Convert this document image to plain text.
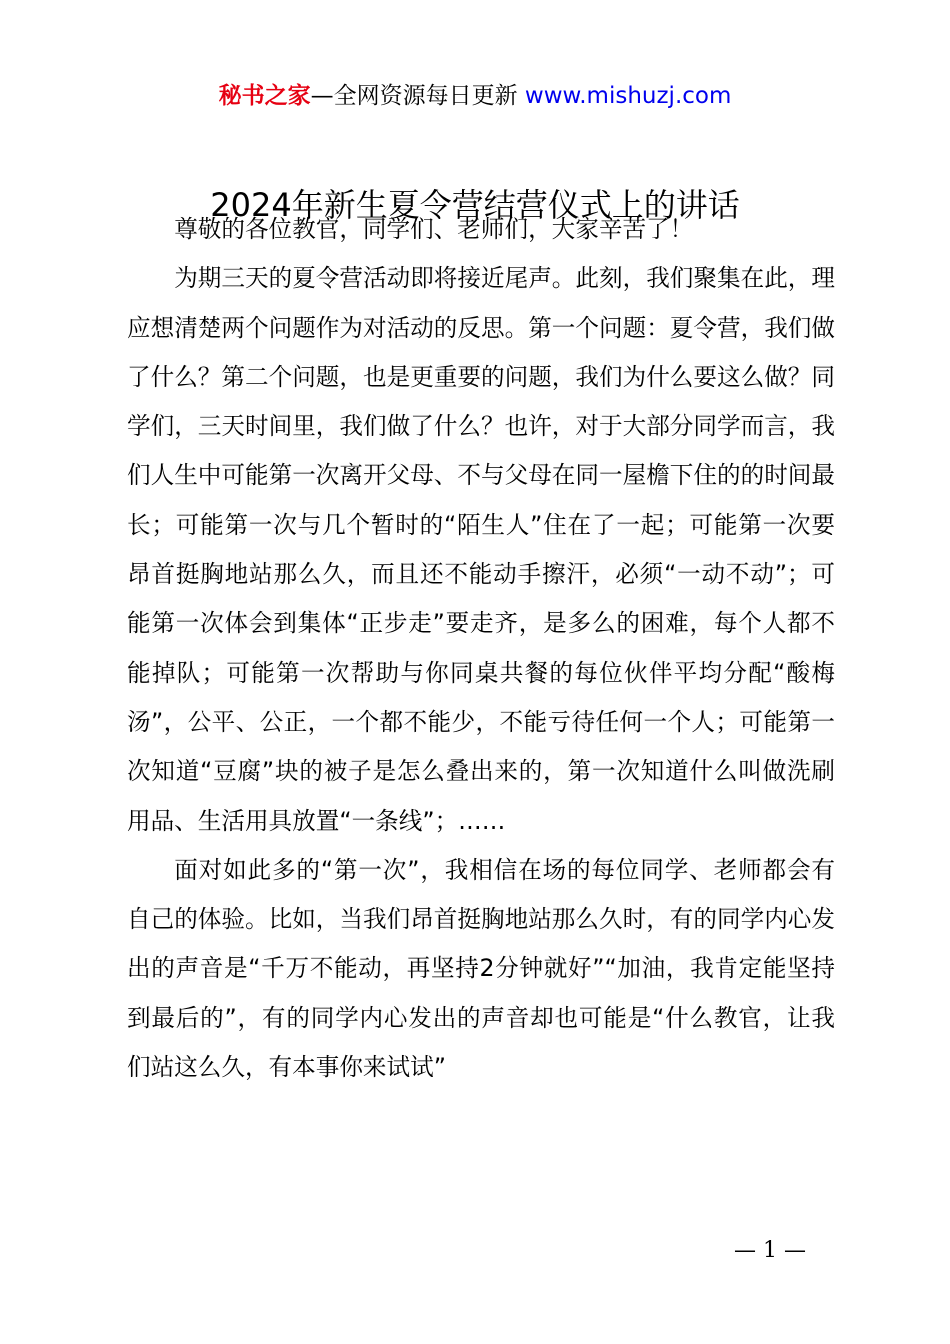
秘书之家—全网资源每日更新 www.mishuzj.com
2024年新生夏令营结营仪式上的讲话

尊敬的各位教官，同学们、老师们，大家辛苦了！

为期三天的夏令营活动即将接近尾声。此刻，我们聚集在此，理应想清楚两个问题作为对活动的反思。第一个问题：夏令营，我们做了什么？第二个问题，也是更重要的问题，我们为什么要这么做？同学们，三天时间里，我们做了什么？也许，对于大部分同学而言，我们人生中可能第一次离开父母、不与父母在同一屋檐下住的的时间最长；可能第一次与几个暂时的“陌生人”住在了一起；可能第一次要昂首挺胸地站那么久，而且还不能动手擦汗，必须“一动不动”；可能第一次体会到集体“正步走”要走齐，是多么的困难，每个人都不能掉队；可能第一次帮助与你同桌共餐的每位伙伴平均分配“酸梅汤”，公平、公正，一个都不能少，不能亏待任何一个人；可能第一次知道“豆腐”块的被子是怎么叠出来的，第一次知道什么叫做洗刷用品、生活用具放置“一条线”；……

面对如此多的“第一次”，我相信在场的每位同学、老师都会有自己的体验。比如，当我们昂首挺胸地站那么久时，有的同学内心发出的声音是“千万不能动，再坚持2分钟就好”“加油，我肯定能坚持到最后的”，有的同学内心发出的声音却也可能是“什么教官，让我们站这么久，有本事你来试试”

— 1 —
